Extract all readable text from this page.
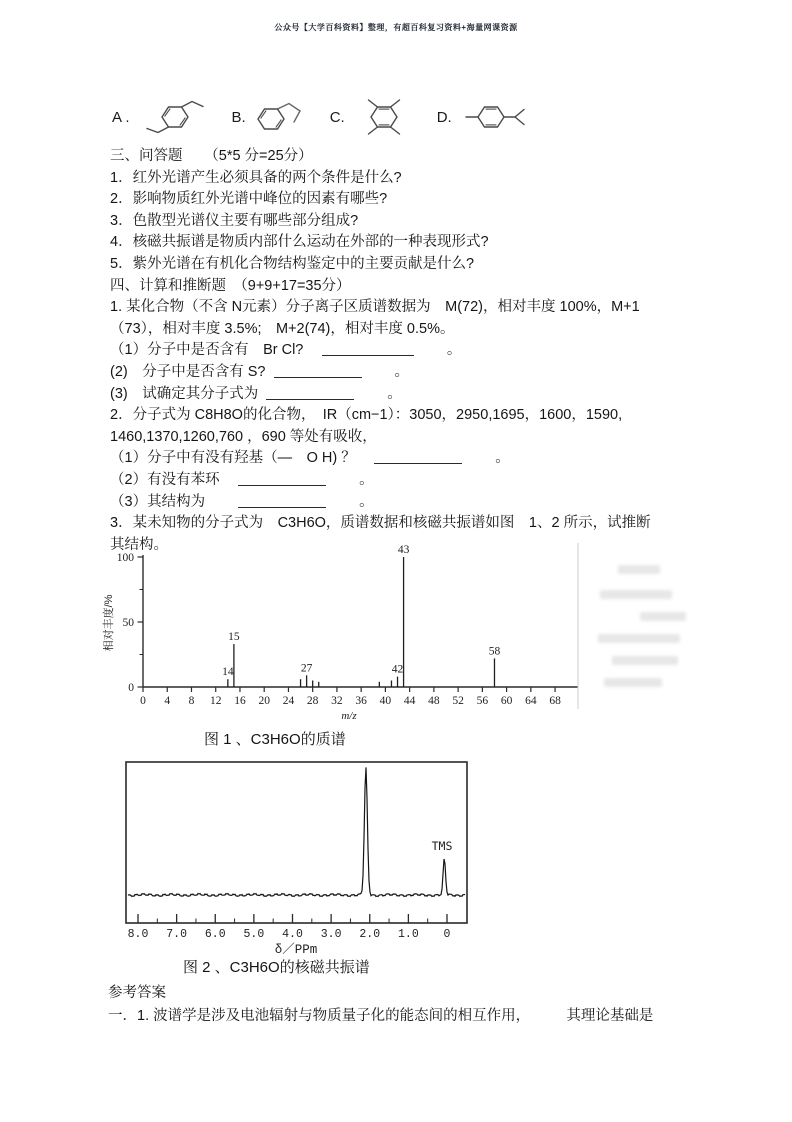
公众号【大学百科资料】整理，有超百科复习资料+海量网课资源
A .	B.	C.	D.
三、问答题　　（5*5 分=25分）
1．红外光谱产生必须具备的两个条件是什么?
2．影响物质红外光谱中峰位的因素有哪些?
3．色散型光谱仪主要有哪些部分组成?
4．核磁共振谱是物质内部什么运动在外部的一种表现形式?
5．紫外光谱在有机化合物结构鉴定中的主要贡献是什么?
四、计算和推断题　（9+9+17=35分）
1. 某化合物（不含 N元素）分子离子区质谱数据为　M(72)，相对丰度 100%，M+1
（73），相对丰度 3.5%;　M+2(74)，相对丰度 0.5%。
（1）分子中是否含有　Br Cl?　	　　。
(2)　分子中是否含有 S?	　　。
(3)　试确定其分子式为	　　。
2．分子式为 C8H8O的化合物，　IR（cm−1）：3050，2950,1695，1600，1590,
1460,1370,1260,760 ，690 等处有吸收，
（1）分子中有没有羟基（—　O H) ？　	　　。
（2）有没有苯环　	　　。
（3）其结构为　　	　　。
3．某未知物的分子式为　C3H6O，质谱数据和核磁共振谱如图　1、2 所示，试推断
其结构。
0
50
100
相对丰度/%
0 4 8 12 16 20 24 28 32 36 40 44 48 52 56 60 64 68
m/z
14
15
27	42
43
58
图 1 、C3H6O的质谱
TMS
8.0 7.0 6.0 5.0 4.0 3.0 2.0 1.0 0
δ／PPm
图 2 、C3H6O的核磁共振谱
参考答案
一．1. 波谱学是涉及电池辐射与物质量子化的能态间的相互作用，　　　其理论基础是
